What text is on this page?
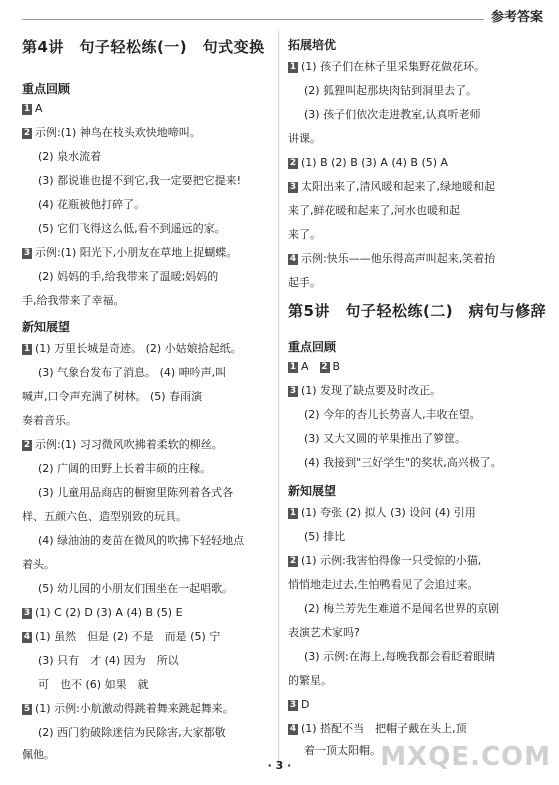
参考答案
第4讲　句子轻松练(一)　句式变换
重点回顾
1 A
2 示例:(1) 神鸟在枝头欢快地啼叫。
(2) 泉水流着
(3) 都说谁也提不到它,我一定要把它提来!
(4) 花瓶被他打碎了。
(5) 它们飞得这么低,看不到遥远的家。
3 示例:(1) 阳光下,小朋友在草地上捉蝴蝶。
(2) 妈妈的手,给我带来了温暖;妈妈的
手,给我带来了幸福。
新知展望
1 (1) 万里长城是奇迹。 (2) 小姑娘拾起纸。
(3) 气象台发布了消息。 (4) 呻吟声,叫
喊声,口令声充满了树林。 (5) 春雨演
奏着音乐。
2 示例:(1) 习习微风吹拂着柔软的柳丝。
(2) 广阔的田野上长着丰硕的庄稼。
(3) 儿童用品商店的橱窗里陈列着各式各
样、五颜六色、造型别致的玩具。
(4) 绿油油的麦苗在微风的吹拂下轻轻地点
着头。
(5) 幼儿园的小朋友们围坐在一起唱歌。
3 (1) C (2) D (3) A (4) B (5) E
4 (1) 虽然　但是 (2) 不是　而是 (5) 宁
(3) 只有　才 (4) 因为　所以
可　也不 (6) 如果　就
5 (1) 示例:小航激动得跳着舞来跳起舞来。
(2) 西门豹破除迷信为民除害,大家都敬
佩他。
拓展培优
1 (1) 孩子们在林子里采集野花做花环。
(2) 狐狸叫起那块肉钻到洞里去了。
(3) 孩子们依次走进教室,认真听老师
讲课。
2 (1) B (2) B (3) A (4) B (5) A
3 太阳出来了,清风暖和起来了,绿地暖和起
来了,鲜花暖和起来了,河水也暖和起
来了。
4 示例:快乐——他乐得高声叫起来,笑着抬
起手。
第5讲　句子轻松练(二)　病句与修辞
重点回顾
1 A　 2 B
3 (1) 发现了缺点要及时改正。
(2) 今年的杏儿长势喜人,丰收在望。
(3) 又大又圆的苹果推出了箩筐。
(4) 我接到"三好学生"的奖状,高兴极了。
新知展望
1 (1) 夸张 (2) 拟人 (3) 设问 (4) 引用
(5) 排比
2 (1) 示例:我害怕得像一只受惊的小猫,
悄悄地走过去,生怕鸭看见了会追过来。
(2) 梅兰芳先生难道不是闻名世界的京剧
表演艺术家吗?
(3) 示例:在海上,每晚我都会看眨着眼睛
的繁星。
3 D
4 (1) 搭配不当　把帽子戴在头上,顶
着一顶太阳帽。
· 3 ·	MXQE.COM
